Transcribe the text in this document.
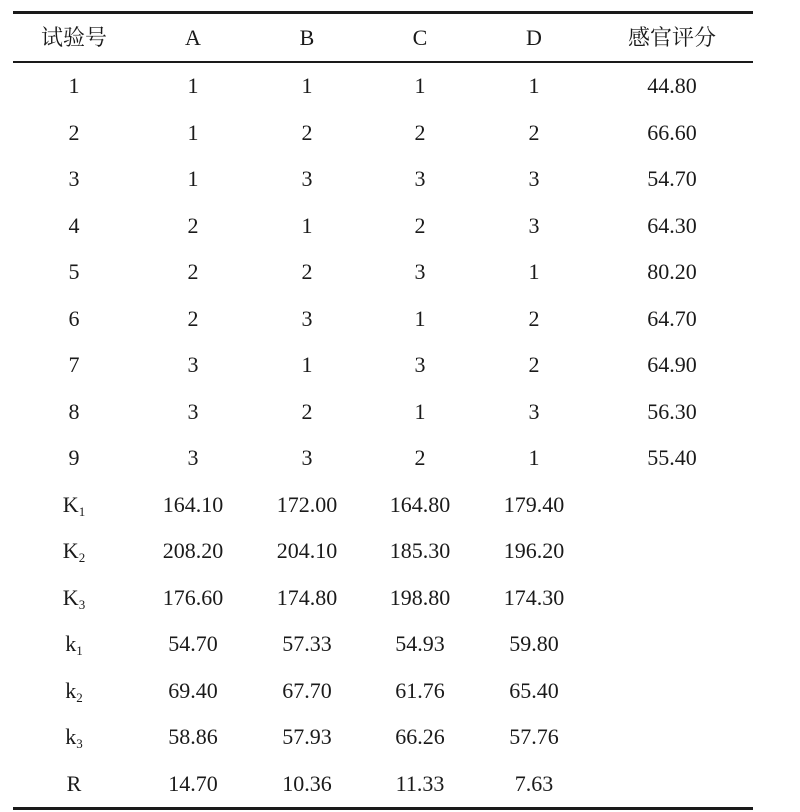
试验号	A	B	C	D	感官评分
1	1	1	1	1	44.80
2	1	2	2	2	66.60
3	1	3	3	3	54.70
4	2	1	2	3	64.30
5	2	2	3	1	80.20
6	2	3	1	2	64.70
7	3	1	3	2	64.90
8	3	2	1	3	56.30
9	3	3	2	1	55.40
$K_1$	164.10	172.00	164.80	179.40	
$K_2$	208.20	204.10	185.30	196.20	
$K_3$	176.60	174.80	198.80	174.30	
$k_1$	54.70	57.33	54.93	59.80	
$k_2$	69.40	67.70	61.76	65.40	
$k_3$	58.86	57.93	66.26	57.76	
R	14.70	10.36	11.33	7.63	
